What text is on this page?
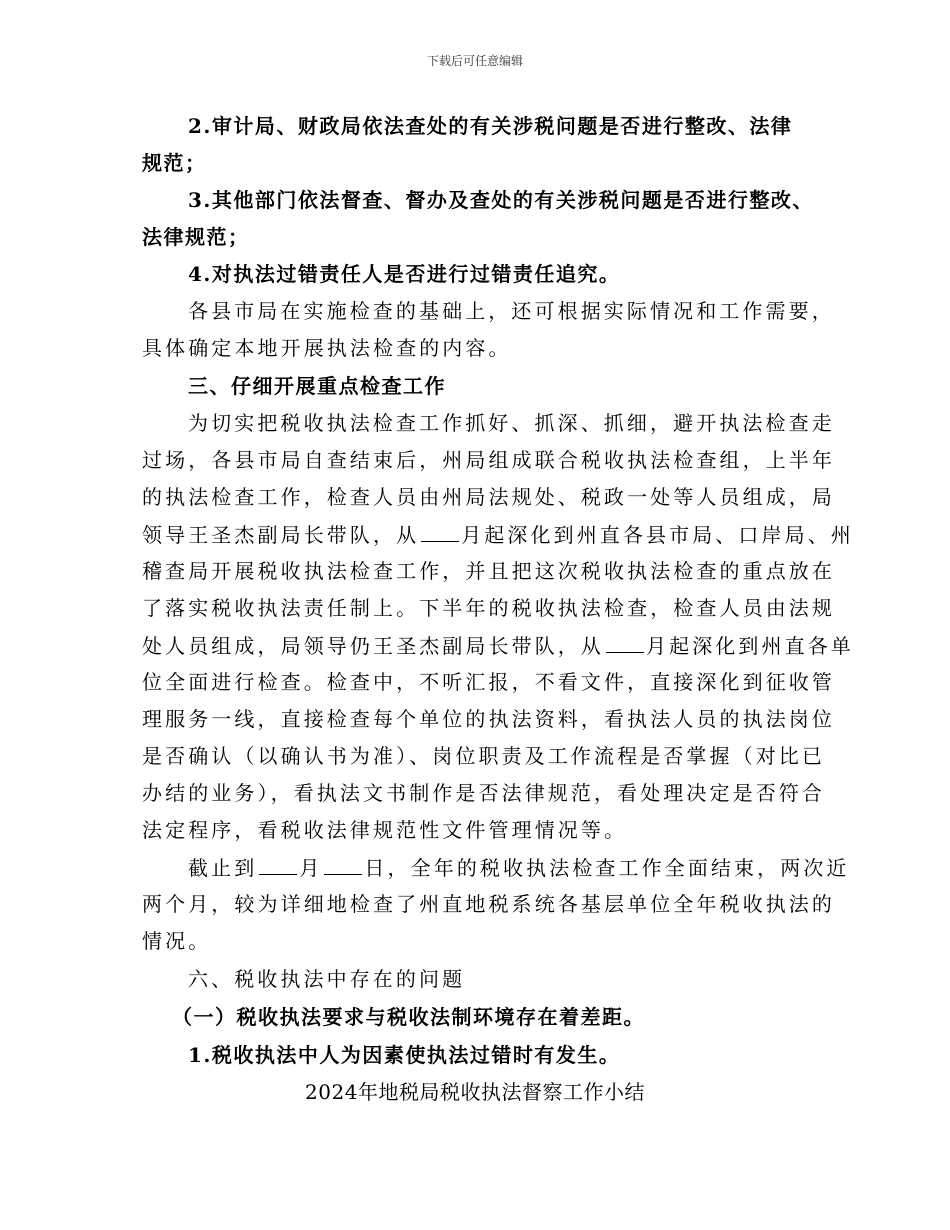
下载后可任意编辑
2.审计局、财政局依法查处的有关涉税问题是否进行整改、法律
规范；
3.其他部门依法督查、督办及查处的有关涉税问题是否进行整改、
法律规范；
4.对执法过错责任人是否进行过错责任追究。
各县市局在实施检查的基础上，还可根据实际情况和工作需要，
具体确定本地开展执法检查的内容。
三、仔细开展重点检查工作
为切实把税收执法检查工作抓好、抓深、抓细，避开执法检查走
过场，各县市局自查结束后，州局组成联合税收执法检查组，上半年
的执法检查工作，检查人员由州局法规处、税政一处等人员组成，局
领导王圣杰副局长带队，从 月起深化到州直各县市局、口岸局、州
稽查局开展税收执法检查工作，并且把这次税收执法检查的重点放在
了落实税收执法责任制上。下半年的税收执法检查，检查人员由法规
处人员组成，局领导仍王圣杰副局长带队，从 月起深化到州直各单
位全面进行检查。检查中，不听汇报，不看文件，直接深化到征收管
理服务一线，直接检查每个单位的执法资料，看执法人员的执法岗位
是否确认（以确认书为准）、岗位职责及工作流程是否掌握（对比已
办结的业务），看执法文书制作是否法律规范，看处理决定是否符合
法定程序，看税收法律规范性文件管理情况等。
截止到 月 日，全年的税收执法检查工作全面结束，两次近
两个月，较为详细地检查了州直地税系统各基层单位全年税收执法的
情况。
六、税收执法中存在的问题
（一）税收执法要求与税收法制环境存在着差距。
1.税收执法中人为因素使执法过错时有发生。
2024年地税局税收执法督察工作小结
